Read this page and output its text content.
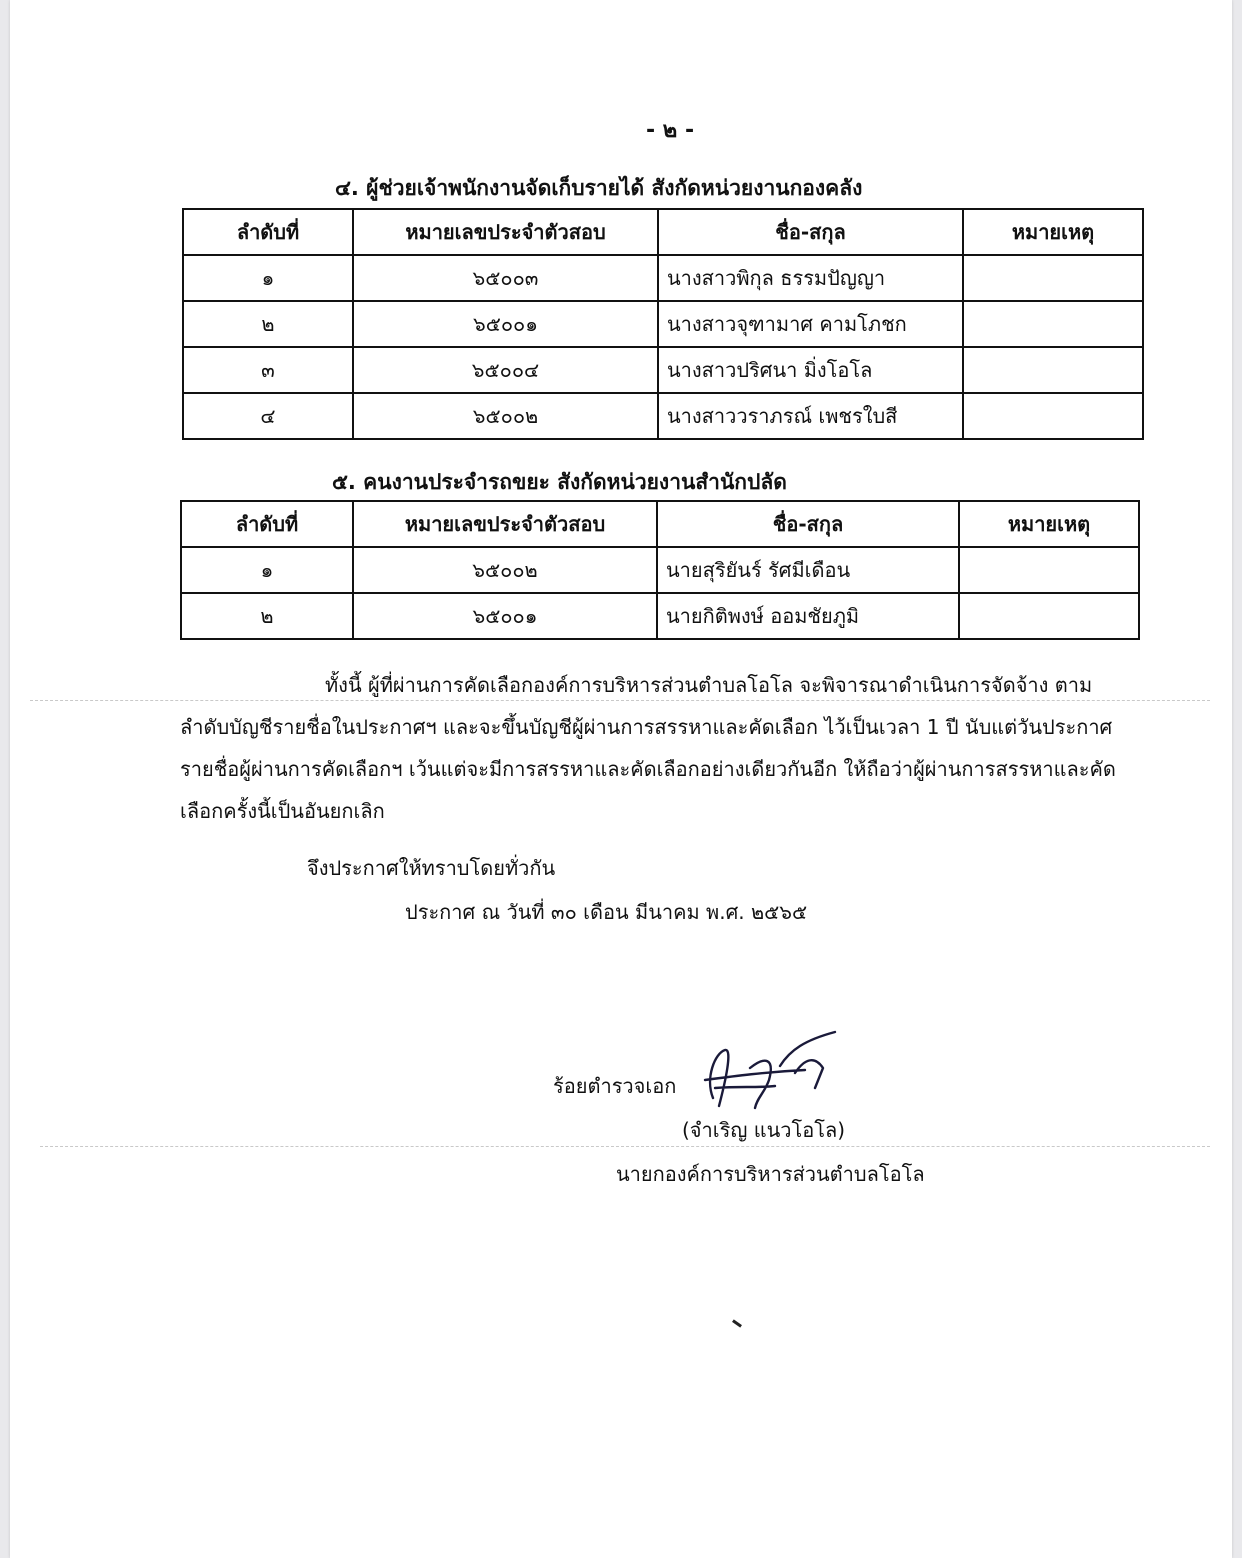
- ๒ -
๔. ผู้ช่วยเจ้าพนักงานจัดเก็บรายได้ สังกัดหน่วยงานกองคลัง
ลำดับที่	หมายเลขประจำตัวสอบ	ชื่อ-สกุล	หมายเหตุ
๑	๖๕๐๐๓	นางสาวพิกุล ธรรมปัญญา	
๒	๖๕๐๐๑	นางสาวจุฑามาศ คามโภชก	
๓	๖๕๐๐๔	นางสาวปริศนา มิ่งโอโล	
๔	๖๕๐๐๒	นางสาววราภรณ์ เพชรใบสี	
๕. คนงานประจำรถขยะ สังกัดหน่วยงานสำนักปลัด
ลำดับที่	หมายเลขประจำตัวสอบ	ชื่อ-สกุล	หมายเหตุ
๑	๖๕๐๐๒	นายสุริยันร์ รัศมีเดือน	
๒	๖๕๐๐๑	นายกิติพงษ์ ออมชัยภูมิ	
ทั้งนี้ ผู้ที่ผ่านการคัดเลือกองค์การบริหารส่วนตำบลโอโล จะพิจารณาดำเนินการจัดจ้าง ตามลำดับบัญชีรายชื่อในประกาศฯ และจะขึ้นบัญชีผู้ผ่านการสรรหาและคัดเลือก ไว้เป็นเวลา 1 ปี นับแต่วันประกาศรายชื่อผู้ผ่านการคัดเลือกฯ เว้นแต่จะมีการสรรหาและคัดเลือกอย่างเดียวกันอีก ให้ถือว่าผู้ผ่านการสรรหาและคัดเลือกครั้งนี้เป็นอันยกเลิก
จึงประกาศให้ทราบโดยทั่วกัน
ประกาศ ณ วันที่ ๓๐ เดือน มีนาคม พ.ศ. ๒๕๖๕
ร้อยตำรวจเอก
(จำเริญ แนวโอโล)
นายกองค์การบริหารส่วนตำบลโอโล
